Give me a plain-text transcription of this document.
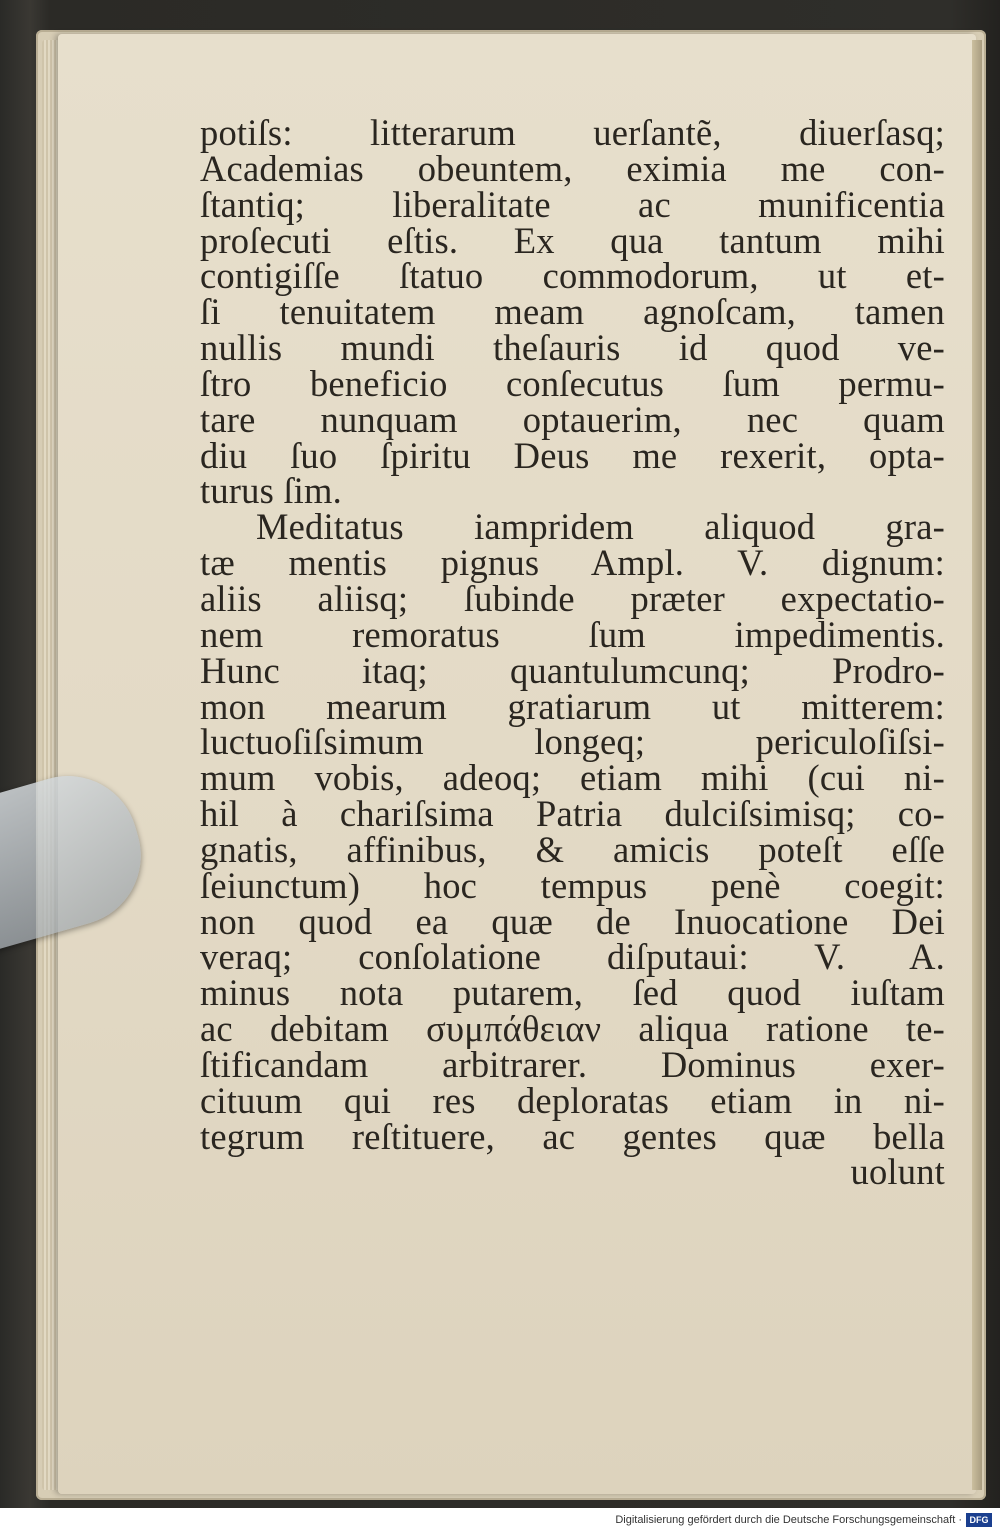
potiſs: litterarum uerſantẽ, diuerſasq;
Academias obeuntem, eximia me con-
ſtantiq; liberalitate ac munificentia
proſecuti eſtis. Ex qua tantum mihi
contigiſſe ſtatuo commodorum, ut et-
ſi tenuitatem meam agnoſcam, tamen
nullis mundi theſauris id quod ve-
ſtro beneficio conſecutus ſum permu-
tare nunquam optauerim, nec quam
diu ſuo ſpiritu Deus me rexerit, opta-
turus ſim.
Meditatus iampridem aliquod gra-
tæ mentis pignus Ampl. V. dignum:
aliis aliisq; ſubinde præter expectatio-
nem remoratus ſum impedimentis.
Hunc itaq; quantulumcunq; Prodro-
mon mearum gratiarum ut mitterem:
luctuoſiſsimum longeq; periculoſiſsi-
mum vobis, adeoq; etiam mihi (cui ni-
hil à chariſsima Patria dulciſsimisq; co-
gnatis, affinibus, & amicis poteſt eſſe
ſeiunctum) hoc tempus penè coegit:
non quod ea quæ de Inuocatione Dei
veraq; conſolatione diſputaui: V. A.
minus nota putarem, ſed quod iuſtam
ac debitam συμπάθειαν aliqua ratione te-
ſtificandam arbitrarer. Dominus exer-
cituum qui res deploratas etiam in ni-
tegrum reſtituere, ac gentes quæ bella
uolunt
Digitalisierung gefördert durch die Deutsche Forschungsgemeinschaft · DFG
